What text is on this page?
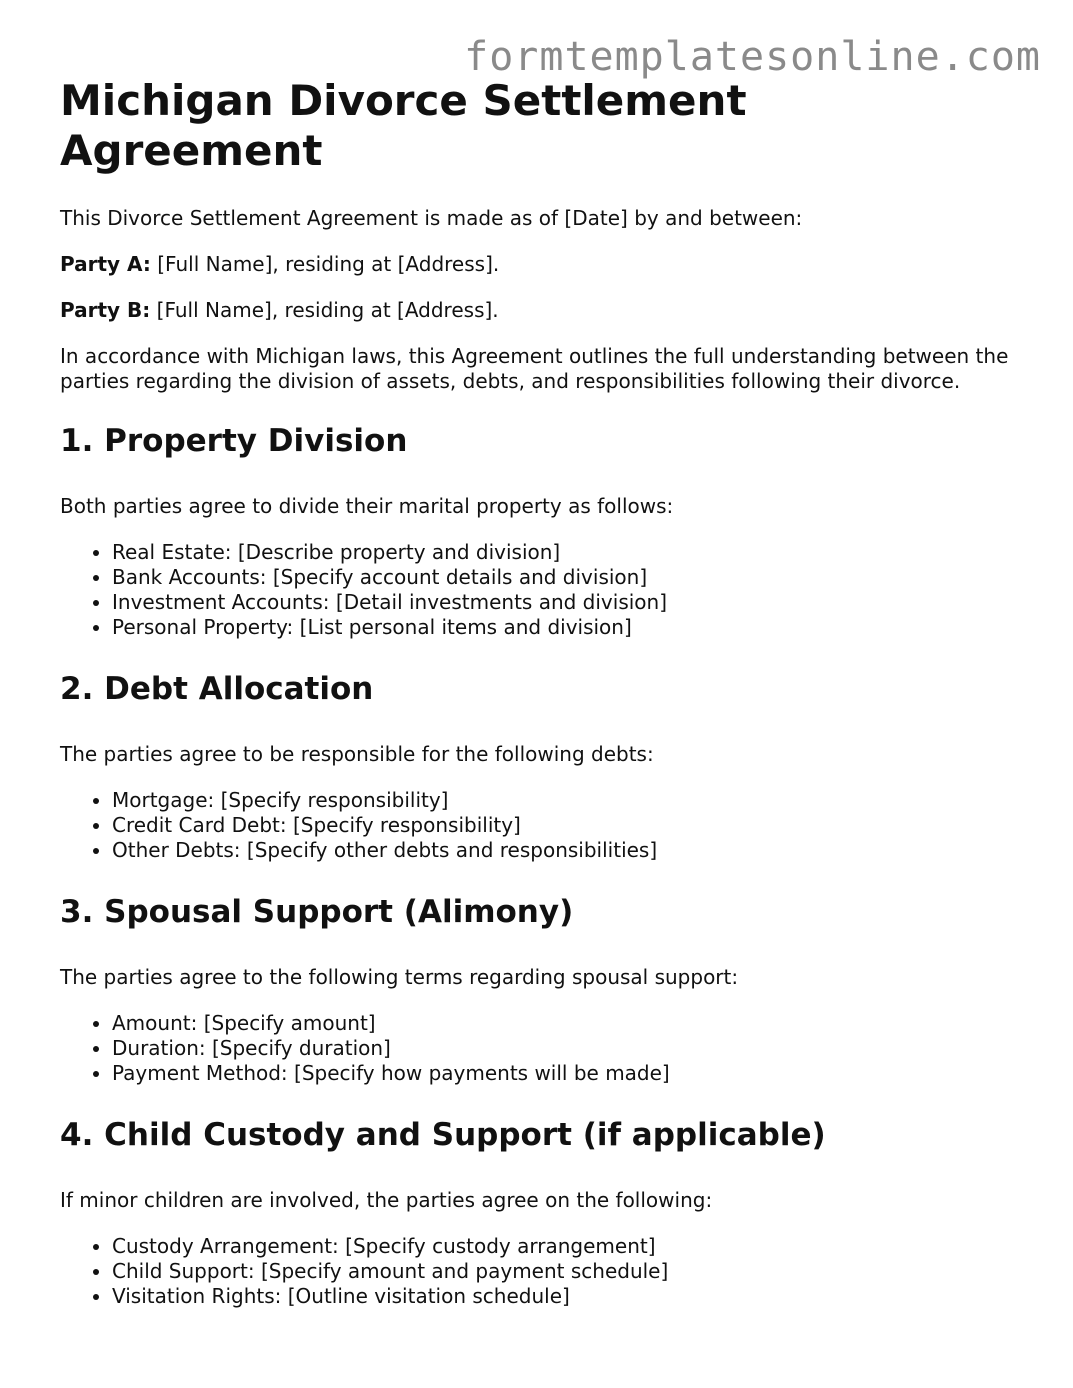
formtemplatesonline.com
Michigan Divorce Settlement Agreement

This Divorce Settlement Agreement is made as of [Date] by and between:

Party A: [Full Name], residing at [Address].

Party B: [Full Name], residing at [Address].

In accordance with Michigan laws, this Agreement outlines the full understanding between the parties regarding the division of assets, debts, and responsibilities following their divorce.

1. Property Division

Both parties agree to divide their marital property as follows:

• Real Estate: [Describe property and division]
• Bank Accounts: [Specify account details and division]
• Investment Accounts: [Detail investments and division]
• Personal Property: [List personal items and division]
2. Debt Allocation

The parties agree to be responsible for the following debts:

• Mortgage: [Specify responsibility]
• Credit Card Debt: [Specify responsibility]
• Other Debts: [Specify other debts and responsibilities]
3. Spousal Support (Alimony)

The parties agree to the following terms regarding spousal support:

• Amount: [Specify amount]
• Duration: [Specify duration]
• Payment Method: [Specify how payments will be made]
4. Child Custody and Support (if applicable)

If minor children are involved, the parties agree on the following:

• Custody Arrangement: [Specify custody arrangement]
• Child Support: [Specify amount and payment schedule]
• Visitation Rights: [Outline visitation schedule]
